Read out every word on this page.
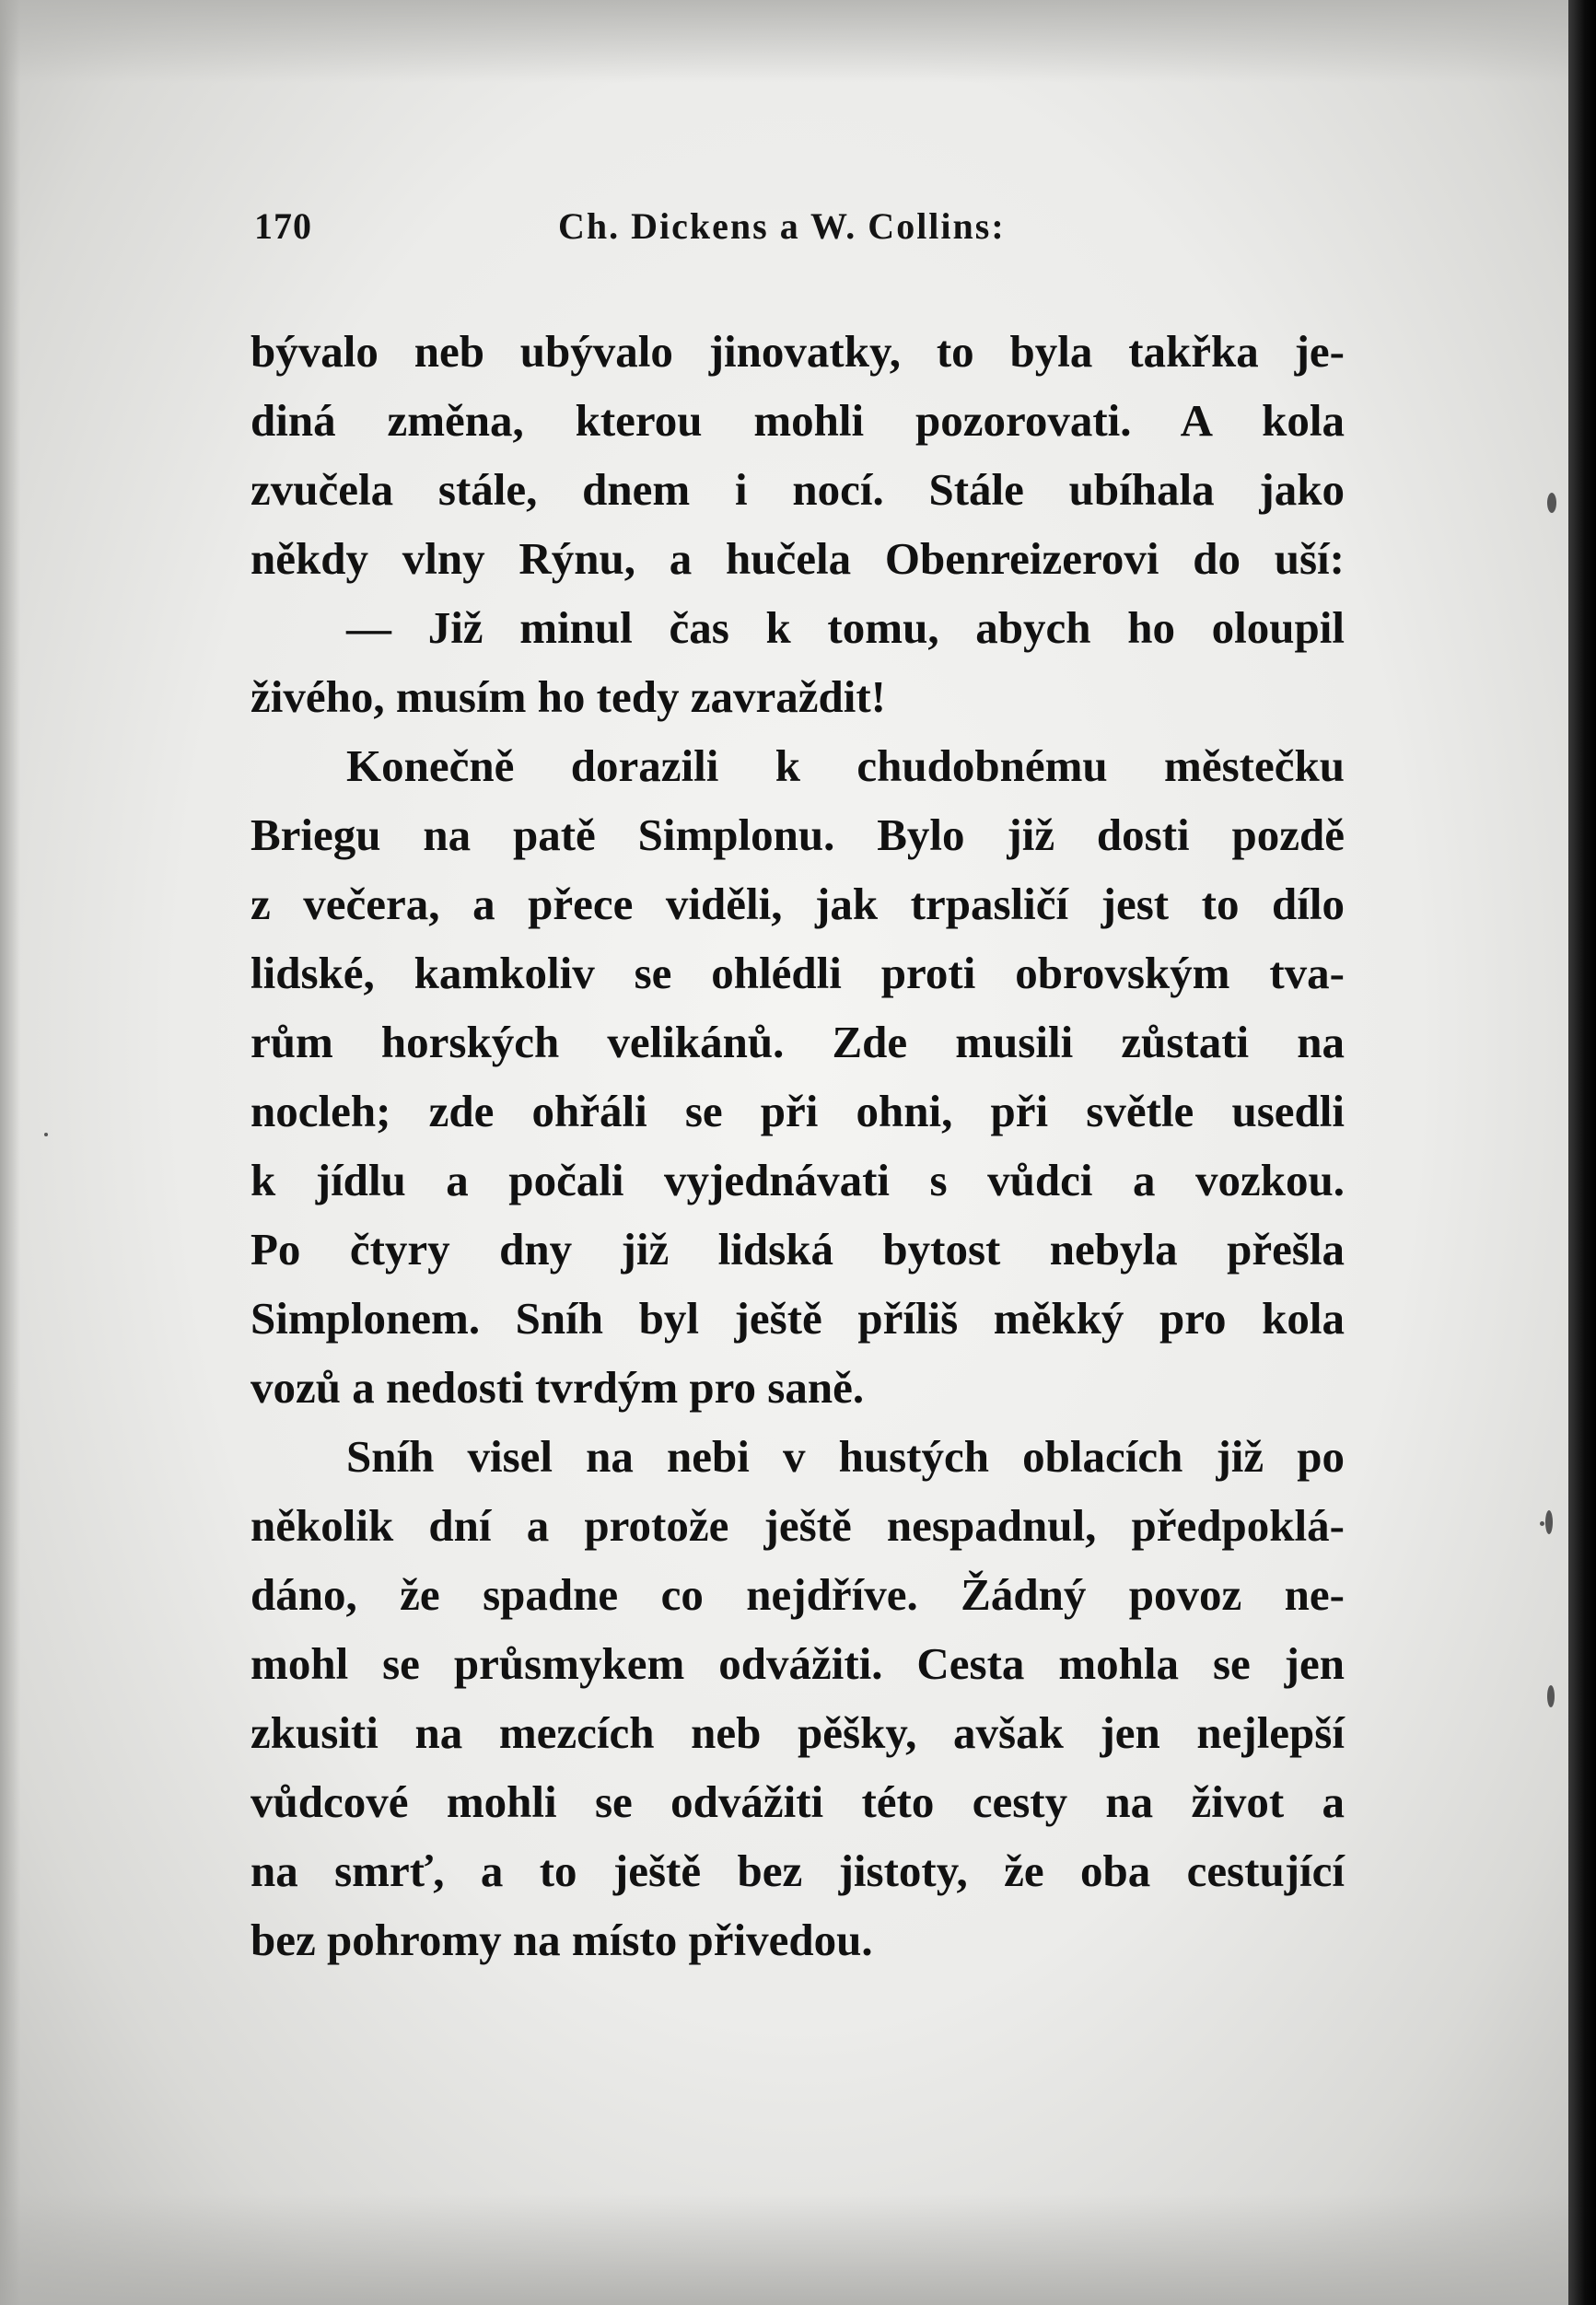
170	Ch. Dickens a W. Collins:
bývalo neb ubývalo jinovatky, to byla takřka je-
diná změna, kterou mohli pozorovati. A kola
zvučela stále, dnem i nocí. Stále ubíhala jako
někdy vlny Rýnu, a hučela Obenreizerovi do uší:
— Již minul čas k tomu, abych ho oloupil
živého, musím ho tedy zavraždit!
Konečně dorazili k chudobnému městečku
Briegu na patě Simplonu. Bylo již dosti pozdě
z večera, a přece viděli, jak trpasličí jest to dílo
lidské, kamkoliv se ohlédli proti obrovským tva-
rům horských velikánů. Zde musili zůstati na
nocleh; zde ohřáli se při ohni, při světle usedli
k jídlu a počali vyjednávati s vůdci a vozkou.
Po čtyry dny již lidská bytost nebyla přešla
Simplonem. Sníh byl ještě příliš měkký pro kola
vozů a nedosti tvrdým pro saně.
Sníh visel na nebi v hustých oblacích již po
několik dní a protože ještě nespadnul, předpoklá-
dáno, že spadne co nejdříve. Žádný povoz ne-
mohl se průsmykem odvážiti. Cesta mohla se jen
zkusiti na mezcích neb pěšky, avšak jen nejlepší
vůdcové mohli se odvážiti této cesty na život a
na smrť, a to ještě bez jistoty, že oba cestující
bez pohromy na místo přivedou.
